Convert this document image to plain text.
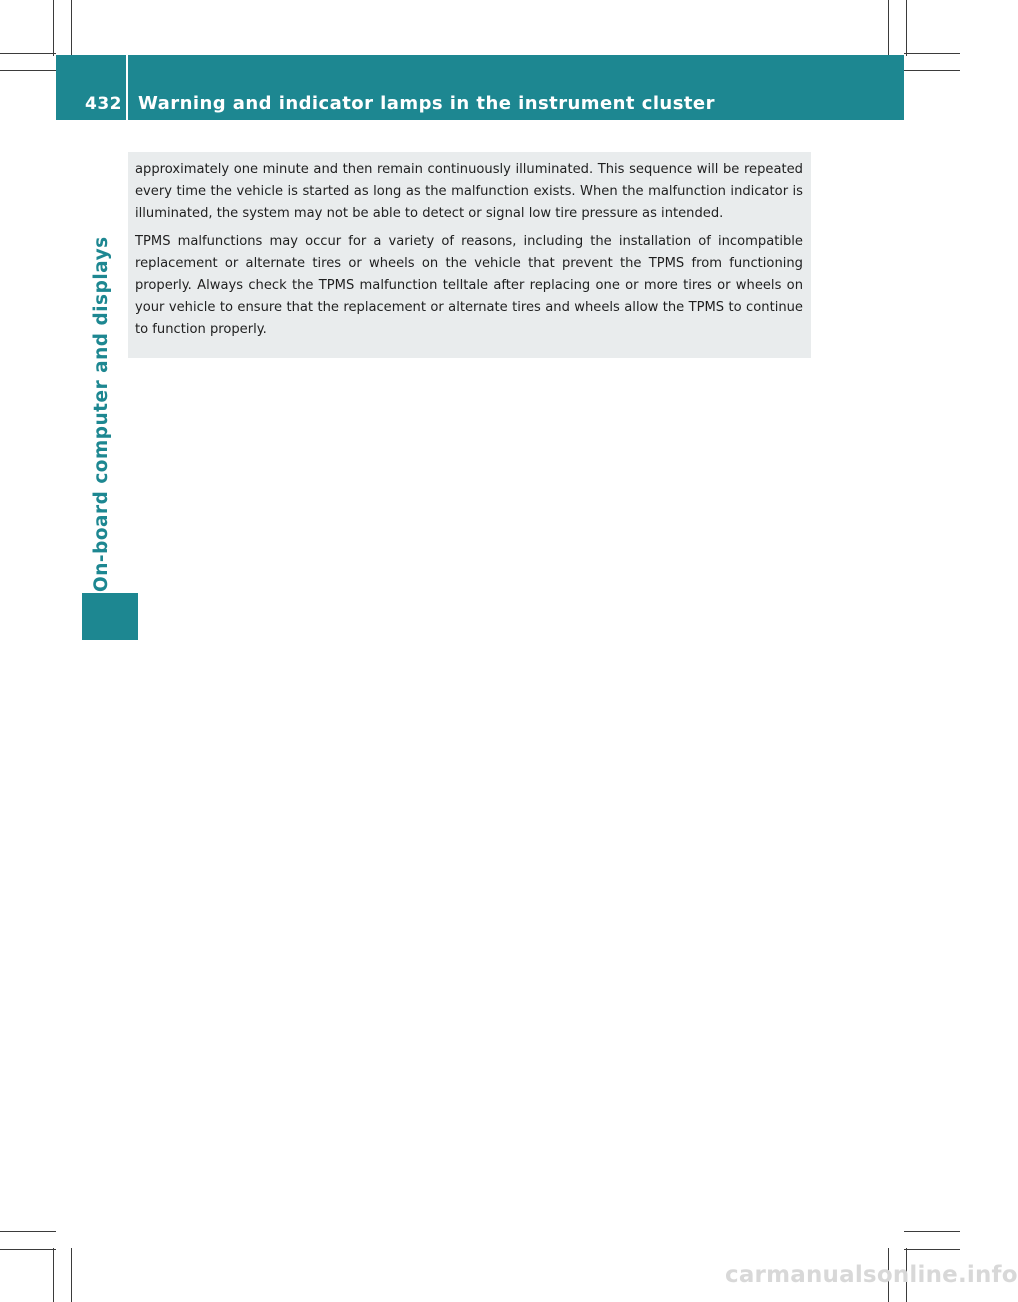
432 Warning and indicator lamps in the instrument cluster
On-board computer and displays

approximately one minute and then remain continuously illuminated. This sequence will be repeated every time the vehicle is started as long as the malfunction exists. When the malfunction indicator is illuminated, the system may not be able to detect or signal low tire pressure as intended.

TPMS malfunctions may occur for a variety of reasons, including the installation of incompatible replacement or alternate tires or wheels on the vehicle that prevent the TPMS from functioning properly. Always check the TPMS malfunction telltale after replacing one or more tires or wheels on your vehicle to ensure that the replacement or alternate tires and wheels allow the TPMS to continue to function properly.

carmanualsonline.info
